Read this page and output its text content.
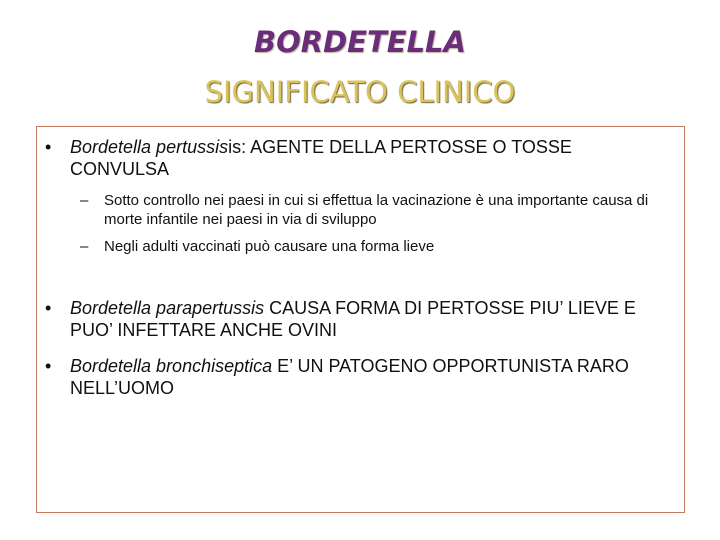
BORDETELLA
SIGNIFICATO CLINICO
•	Bordetella pertussisis: AGENTE DELLA PERTOSSE O TOSSE CONVULSA
– Sotto controllo nei paesi in cui si effettua la vacinazione è una importante causa di morte infantile nei paesi in via di sviluppo
– Negli adulti vaccinati può causare una forma lieve
•	Bordetella parapertussis CAUSA FORMA DI PERTOSSE PIU’ LIEVE E PUO’ INFETTARE ANCHE OVINI
•	Bordetella bronchiseptica E’ UN PATOGENO OPPORTUNISTA RARO NELL’UOMO
